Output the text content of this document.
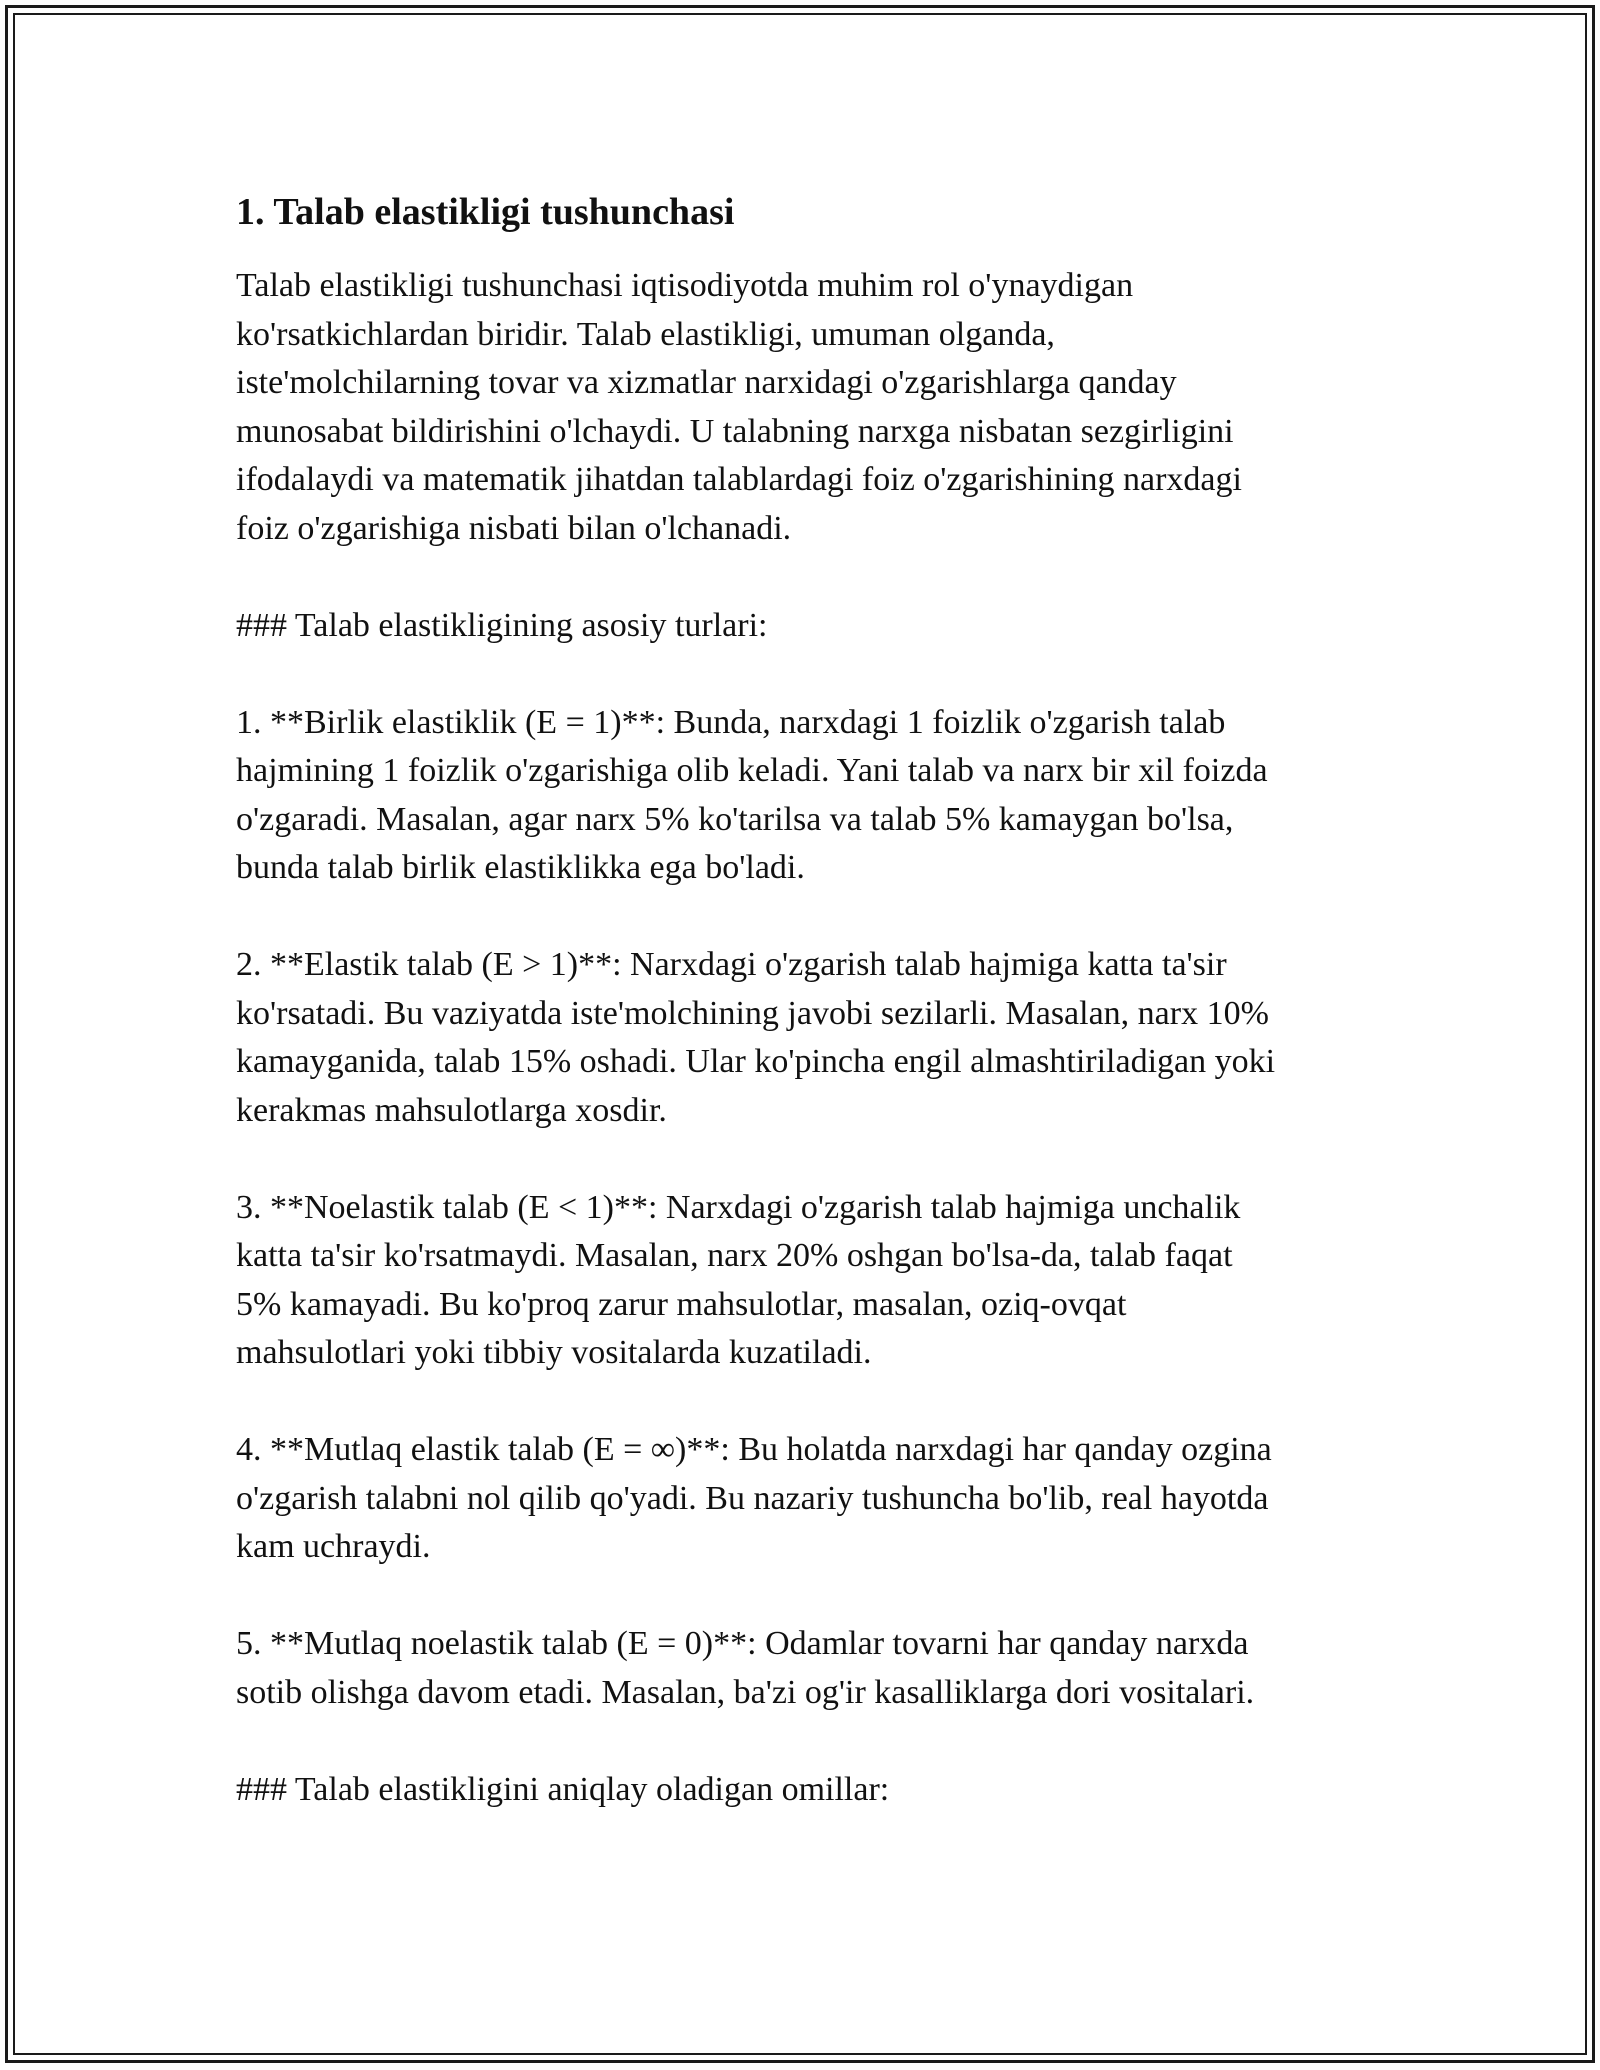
1. Talab elastikligi tushunchasi
Talab elastikligi tushunchasi iqtisodiyotda muhim rol o'ynaydigan
ko'rsatkichlardan biridir. Talab elastikligi, umuman olganda,
iste'molchilarning tovar va xizmatlar narxidagi o'zgarishlarga qanday
munosabat bildirishini o'lchaydi. U talabning narxga nisbatan sezgirligini
ifodalaydi va matematik jihatdan talablardagi foiz o'zgarishining narxdagi
foiz o'zgarishiga nisbati bilan o'lchanadi.

### Talab elastikligining asosiy turlari:

1. **Birlik elastiklik (E = 1)**: Bunda, narxdagi 1 foizlik o'zgarish talab
hajmining 1 foizlik o'zgarishiga olib keladi. Yani talab va narx bir xil foizda
o'zgaradi. Masalan, agar narx 5% ko'tarilsa va talab 5% kamaygan bo'lsa,
bunda talab birlik elastiklikka ega bo'ladi.
2. **Elastik talab (E > 1)**: Narxdagi o'zgarish talab hajmiga katta ta'sir
ko'rsatadi. Bu vaziyatda iste'molchining javobi sezilarli. Masalan, narx 10%
kamayganida, talab 15% oshadi. Ular ko'pincha engil almashtiriladigan yoki
kerakmas mahsulotlarga xosdir.
3. **Noelastik talab (E < 1)**: Narxdagi o'zgarish talab hajmiga unchalik
katta ta'sir ko'rsatmaydi. Masalan, narx 20% oshgan bo'lsa-da, talab faqat
5% kamayadi. Bu ko'proq zarur mahsulotlar, masalan, oziq-ovqat
mahsulotlari yoki tibbiy vositalarda kuzatiladi.
4. **Mutlaq elastik talab (E = ∞)**: Bu holatda narxdagi har qanday ozgina
o'zgarish talabni nol qilib qo'yadi. Bu nazariy tushuncha bo'lib, real hayotda
kam uchraydi.
5. **Mutlaq noelastik talab (E = 0)**: Odamlar tovarni har qanday narxda
sotib olishga davom etadi. Masalan, ba'zi og'ir kasalliklarga dori vositalari.

### Talab elastikligini aniqlay oladigan omillar:
